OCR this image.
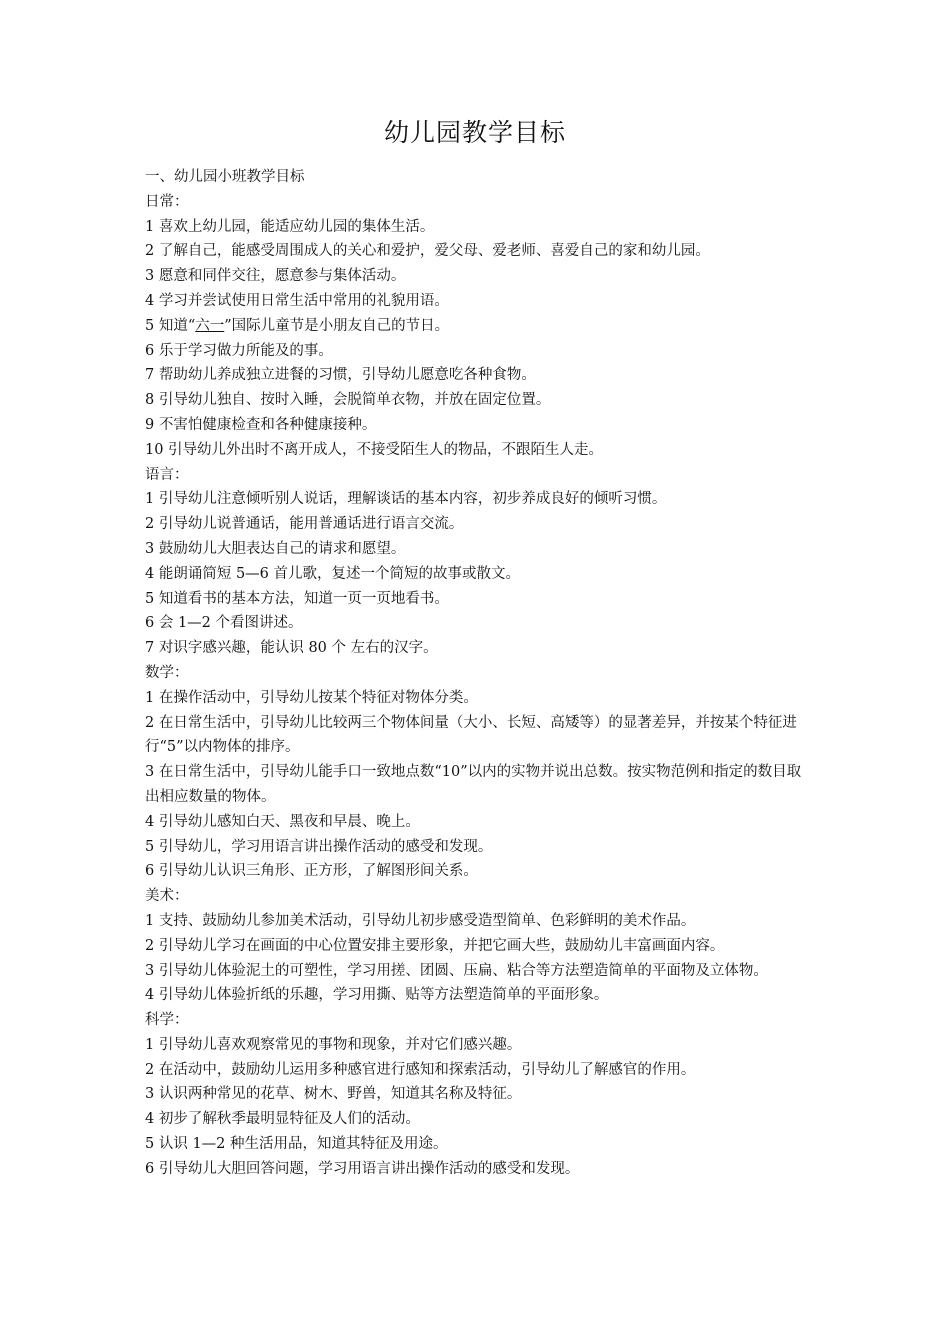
幼儿园教学目标

一、幼儿园小班教学目标

日常：

1 喜欢上幼儿园，能适应幼儿园的集体生活。

2 了解自己，能感受周围成人的关心和爱护，爱父母、爱老师、喜爱自己的家和幼儿园。

3 愿意和同伴交往，愿意参与集体活动。

4 学习并尝试使用日常生活中常用的礼貌用语。

5 知道“六一”国际儿童节是小朋友自己的节日。

6 乐于学习做力所能及的事。

7 帮助幼儿养成独立进餐的习惯，引导幼儿愿意吃各种食物。

8 引导幼儿独自、按时入睡，会脱简单衣物，并放在固定位置。

9 不害怕健康检查和各种健康接种。

10 引导幼儿外出时不离开成人，不接受陌生人的物品，不跟陌生人走。

语言：

1 引导幼儿注意倾听别人说话，理解谈话的基本内容，初步养成良好的倾听习惯。

2 引导幼儿说普通话，能用普通话进行语言交流。

3 鼓励幼儿大胆表达自己的请求和愿望。

4 能朗诵简短 5—6 首儿歌，复述一个简短的故事或散文。

5 知道看书的基本方法，知道一页一页地看书。

6 会 1—2 个看图讲述。

7 对识字感兴趣，能认识 80 个 左右的汉字。

数学：

1 在操作活动中，引导幼儿按某个特征对物体分类。

2 在日常生活中，引导幼儿比较两三个物体间量（大小、长短、高矮等）的显著差异，并按某个特征进行“5”以内物体的排序。

3 在日常生活中，引导幼儿能手口一致地点数“10”以内的实物并说出总数。按实物范例和指定的数目取出相应数量的物体。

4 引导幼儿感知白天、黑夜和早晨、晚上。

5 引导幼儿，学习用语言讲出操作活动的感受和发现。

6 引导幼儿认识三角形、正方形，了解图形间关系。

美术：

1 支持、鼓励幼儿参加美术活动，引导幼儿初步感受造型简单、色彩鲜明的美术作品。

2 引导幼儿学习在画面的中心位置安排主要形象，并把它画大些，鼓励幼儿丰富画面内容。

3 引导幼儿体验泥土的可塑性，学习用搓、团圆、压扁、粘合等方法塑造简单的平面物及立体物。

4 引导幼儿体验折纸的乐趣，学习用撕、贴等方法塑造简单的平面形象。

科学：

1 引导幼儿喜欢观察常见的事物和现象，并对它们感兴趣。

2 在活动中，鼓励幼儿运用多种感官进行感知和探索活动，引导幼儿了解感官的作用。

3 认识两种常见的花草、树木、野兽，知道其名称及特征。

4 初步了解秋季最明显特征及人们的活动。

5 认识 1—2 种生活用品，知道其特征及用途。

6 引导幼儿大胆回答问题，学习用语言讲出操作活动的感受和发现。
